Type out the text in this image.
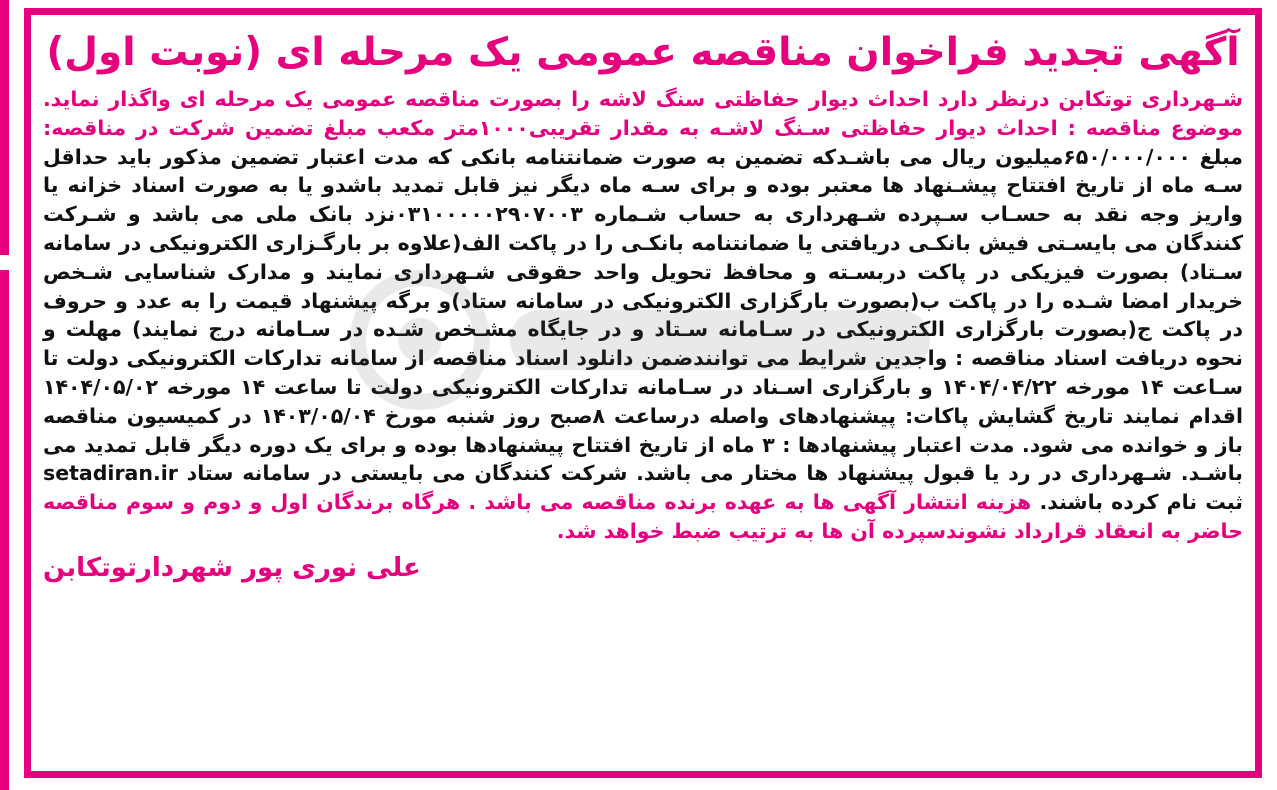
آگهی تجدید فراخوان مناقصه عمومی یک مرحله ای (نوبت اول)

شـهرداری توتکابن درنظر دارد احداث دیوار حفاظتی سنگ لاشه را بصورت مناقصه عمومی یک مرحله ای واگذار نماید. موضوع مناقصه : احداث دیوار حفاظتی سـنگ لاشـه به مقدار تقریبی۱۰۰۰متر مکعب مبلغ تضمین شرکت در مناقصه: مبلغ ۶۵۰/۰۰۰/۰۰۰میلیون ریال می باشـدکه تضمین به صورت ضمانتنامه بانکی که مدت اعتبار تضمین مذکور باید حداقل سـه ماه از تاریخ افتتاح پیشـنهاد ها معتبر بوده و برای سـه ماه دیگر نیز قابل تمدید باشدو یا به صورت اسناد خزانه یا واریز وجه نقد به حسـاب سـپرده شـهرداری به حساب شـماره ۰۳۱۰۰۰۰۰۲۹۰۷۰۰۳نزد بانک ملی می باشد و شـرکت کنندگان می بایسـتی فیش بانکـی دریافتی یا ضمانتنامه بانکـی را در پاکت الف(علاوه بر بارگـزاری الکترونیکی در سامانه سـتاد) بصورت فیزیکی در پاکت دربسـته و محافظ تحویل واحد حقوقی شـهرداری نمایند و مدارک شناسایی شـخص خریدار امضا شـده را در پاکت ب(بصورت بارگزاری الکترونیکی در سامانه ستاد)و برگه پیشنهاد قیمت را به عدد و حروف در پاکت ج(بصورت بارگزاری الکترونیکی در سـامانه سـتاد و در جایگاه مشـخص شـده در سـامانه درج نمایند) مهلت و نحوه دریافت اسناد مناقصه : واجدین شرایط می توانندضمن دانلود اسناد مناقصه از سامانه تدارکات الکترونیکی دولت تا سـاعت ۱۴ مورخه ۱۴۰۴/۰۴/۲۲ و بارگزاری اسـناد در سـامانه تدارکات الکترونیکی دولت تا ساعت ۱۴ مورخه ۱۴۰۴/۰۵/۰۲ اقدام نمایند تاریخ گشایش پاکات: پیشنهادهای واصله درساعت ۸صبح روز شنبه مورخ ۱۴۰۳/۰۵/۰۴ در کمیسیون مناقصه باز و خوانده می شود. مدت اعتبار پیشنهادها : ۳ ماه از تاریخ افتتاح پیشنهادها بوده و برای یک دوره دیگر قابل تمدید می باشـد. شـهرداری در رد یا قبول پیشنهاد ها مختار می باشد. شرکت کنندگان می بایستی در سامانه ستاد setadiran.ir ثبت نام کرده باشند. هزینه انتشار آگهی ها به عهده برنده مناقصه می باشد . هرگاه برندگان اول و دوم و سوم مناقصه حاضر به انعقاد قرارداد نشوندسپرده آن ها به ترتیب ضبط خواهد شد.

علی نوری پور شهردارتوتکابن
